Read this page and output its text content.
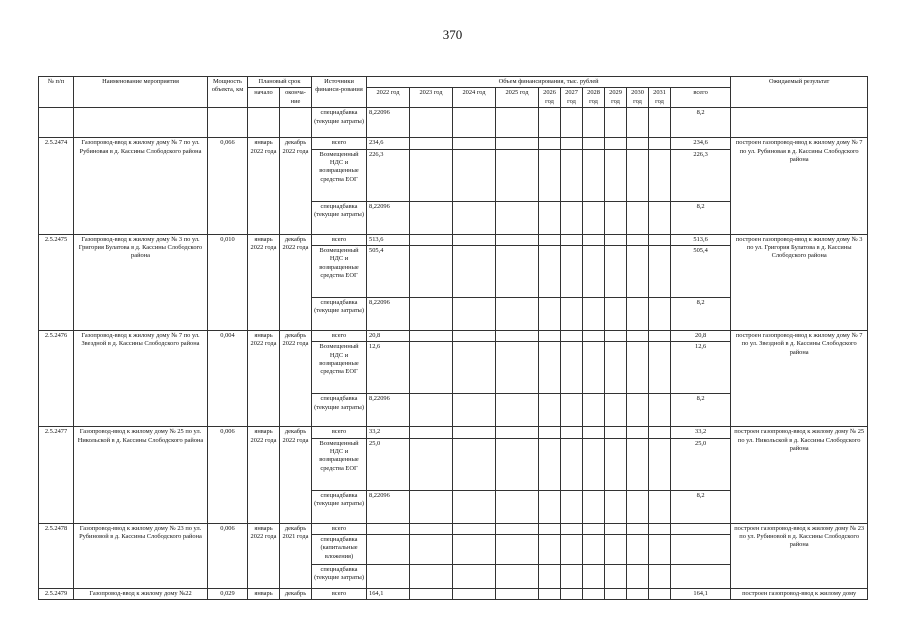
370
№ п/п	Наименование мероприятия	Мощность объекта, км	Плановый срок		Источники финанси-рования	Объем финансирования, тыс. рублей											Ожидаемый результат
			начало	оконча-ние		2022 год	2023 год	2024 год	2025 год	2026 год	2027 год	2028 год	2029 год	2030 год	2031 год	всего	

					спецнадбавка (текущие затраты)	8,22096										8,2	
2.5.2474	Газопровод-ввод к жилому дому № 7 по ул. Рубиновая в д. Кассины Слободского района	0,066	январь 2022 года	декабрь 2022 года	всего	234,6										234,6	построен газопровод-ввод к жилому дому № 7 по ул. Рубиновая в д. Кассины Слободского района
					Возмещенный НДС и возвращенные средства ЕОГ	226,3										226,3	
					спецнадбавка (текущие затраты)	8,22096										8,2	
2.5.2475	Газопровод-ввод к жилому дому № 3 по ул. Григория Булатова в д. Кассины Слободского района	0,010	январь 2022 года	декабрь 2022 года	всего	513,6										513,6	построен газопровод-ввод к жилому дому № 3 по ул. Григория Булатова в д. Кассины Слободского района
					Возмещенный НДС и возвращенные средства ЕОГ	505,4										505,4	
					спецнадбавка (текущие затраты)	8,22096										8,2	
2.5.2476	Газопровод-ввод к жилому дому № 7 по ул. Звездной в д. Кассины Слободского района	0,004	январь 2022 года	декабрь 2022 года	всего	20,8										20,8	построен газопровод-ввод к жилому дому № 7 по ул. Звездной в д. Кассины Слободского района
					Возмещенный НДС и возвращенные средства ЕОГ	12,6										12,6	
					спецнадбавка (текущие затраты)	8,22096										8,2	
2.5.2477	Газопровод-ввод к жилому дому № 25 по ул. Никольской в д. Кассины Слободского района	0,006	январь 2022 года	декабрь 2022 года	всего	33,2										33,2	построен газопровод-ввод к жилому дому № 25 по ул. Никольской в д. Кассины Слободского района
					Возмещенный НДС и возвращенные средства ЕОГ	25,0										25,0	
					спецнадбавка (текущие затраты)	8,22096										8,2	
2.5.2478	Газопровод-ввод к жилому дому № 23 по ул. Рубиновой в д. Кассины Слободского района	0,006	январь 2022 года	декабрь 2021 года	всего												построен газопровод-ввод к жилому дому № 23 по ул. Рубиновой в д. Кассины Слободского района
					спецнадбавка (капитальные вложения)												
					спецнадбавка (текущие затраты)												
2.5.2479	Газопровод-ввод к жилому дому №22	0,029	январь	декабрь	всего	164,1										164,1	построен газопровод-ввод к жилому дому
